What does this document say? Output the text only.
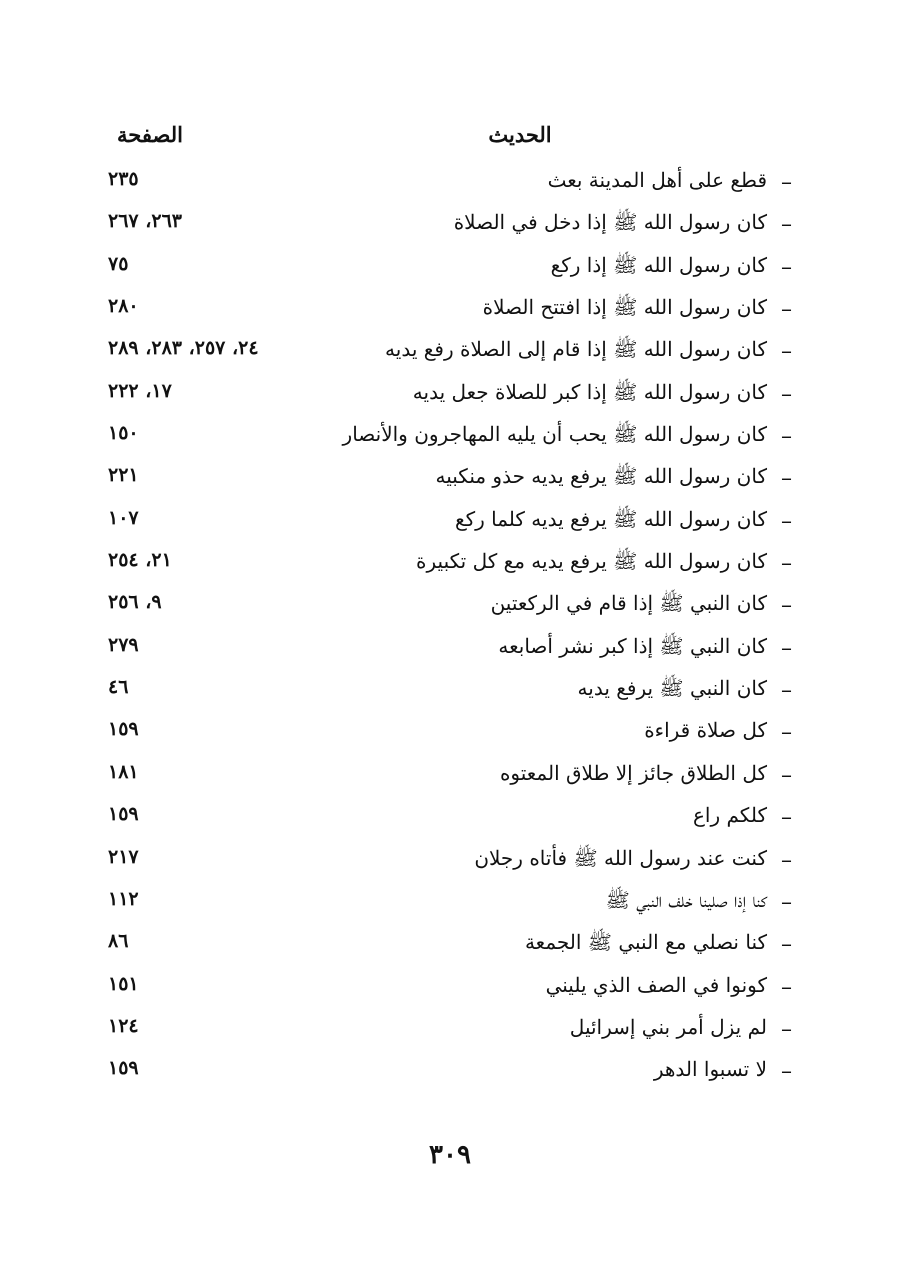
الحديث
الصفحة
–
قطع على أهل المدينة بعث
٢٣٥
–
كان رسول الله ﷺ إذا دخل في الصلاة
٢٦٣، ٢٦٧
–
كان رسول الله ﷺ إذا ركع
٧٥
–
كان رسول الله ﷺ إذا افتتح الصلاة
٢٨٠
–
كان رسول الله ﷺ إذا قام إلى الصلاة رفع يديه
٢٤، ٢٥٧، ٢٨٣، ٢٨٩
–
كان رسول الله ﷺ إذا كبر للصلاة جعل يديه
١٧، ٢٢٢
–
كان رسول الله ﷺ يحب أن يليه المهاجرون والأنصار
١٥٠
–
كان رسول الله ﷺ يرفع يديه حذو منكبيه
٢٢١
–
كان رسول الله ﷺ يرفع يديه كلما ركع
١٠٧
–
كان رسول الله ﷺ يرفع يديه مع كل تكبيرة
٢١، ٢٥٤
–
كان النبي ﷺ إذا قام في الركعتين
٩، ٢٥٦
–
كان النبي ﷺ إذا كبر نشر أصابعه
٢٧٩
–
كان النبي ﷺ يرفع يديه
٤٦
–
كل صلاة قراءة
١٥٩
–
كل الطلاق جائز إلا طلاق المعتوه
١٨١
–
كلكم راع
١٥٩
–
كنت عند رسول الله ﷺ فأتاه رجلان
٢١٧
–
كنا إذا صلينا خلف النبي ﷺ
١١٢
–
كنا نصلي مع النبي ﷺ الجمعة
٨٦
–
كونوا في الصف الذي يليني
١٥١
–
لم يزل أمر بني إسرائيل
١٢٤
–
لا تسبوا الدهر
١٥٩
٣٠٩
